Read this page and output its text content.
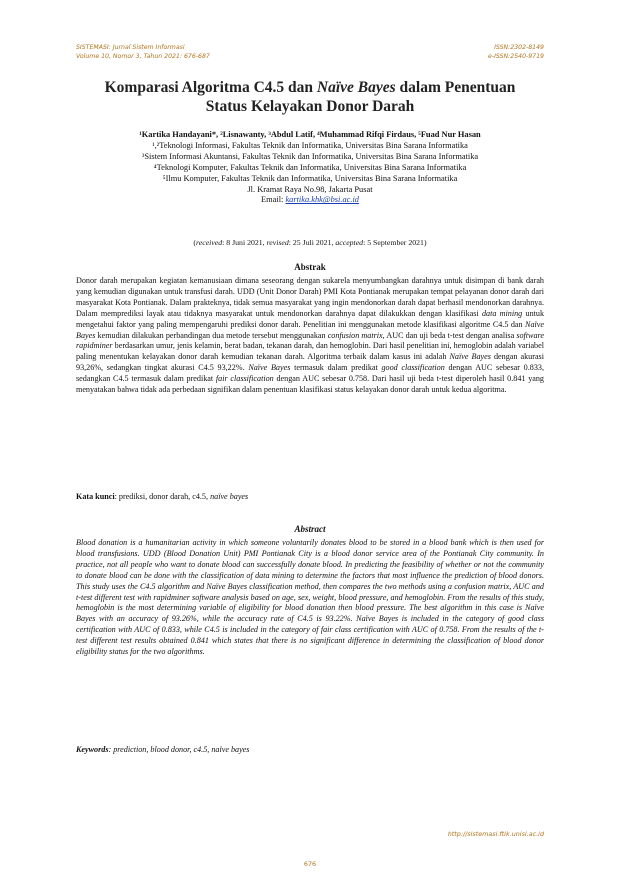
SISTEMASI: Jurnal Sistem Informasi
Volume 10, Nomor 3, Tahun 2021: 676-687
ISSN:2302-8149
e-ISSN:2540-9719
Komparasi Algoritma C4.5 dan Naïve Bayes dalam Penentuan
Status Kelayakan Donor Darah
¹Kartika Handayani*, ²Lisnawanty, ³Abdul Latif, ⁴Muhammad Rifqi Firdaus, ⁵Fuad Nur Hasan
¹,²Teknologi Informasi, Fakultas Teknik dan Informatika, Universitas Bina Sarana Informatika
³Sistem Informasi Akuntansi, Fakultas Teknik dan Informatika, Universitas Bina Sarana Informatika
⁴Teknologi Komputer, Fakultas Teknik dan Informatika, Universitas Bina Sarana Informatika
⁵Ilmu Komputer, Fakultas Teknik dan Informatika, Universitas Bina Sarana Informatika
Jl. Kramat Raya No.98, Jakarta Pusat
Email: kartika.khk@bsi.ac.id
(received: 8 Juni 2021, revised: 25 Juli 2021, accepted: 5 September 2021)
Abstrak
Donor darah merupakan kegiatan kemanusiaan dimana seseorang dengan sukarela menyumbangkan darahnya untuk disimpan di bank darah yang kemudian digunakan untuk transfusi darah. UDD (Unit Donor Darah) PMI Kota Pontianak merupakan tempat pelayanan donor darah dari masyarakat Kota Pontianak. Dalam prakteknya, tidak semua masyarakat yang ingin mendonorkan darah dapat berhasil mendonorkan darahnya. Dalam memprediksi layak atau tidaknya masyarakat untuk mendonorkan darahnya dapat dilakukkan dengan klasifikasi data mining untuk mengetahui faktor yang paling mempengaruhi prediksi donor darah. Penelitian ini menggunakan metode klasifikasi algoritme C4.5 dan Naïve Bayes kemudian dilakukan perbandingan dua metode tersebut menggunakan confusion matrix, AUC dan uji beda t-test dengan analisa software rapidminer berdasarkan umur, jenis kelamin, berat badan, tekanan darah, dan hemoglobin. Dari hasil penelitian ini, hemoglobin adalah variabel paling menentukan kelayakan donor darah kemudian tekanan darah. Algoritma terbaik dalam kasus ini adalah Naïve Bayes dengan akurasi 93,26%, sedangkan tingkat akurasi C4.5 93,22%. Naïve Bayes termasuk dalam predikat good classification dengan AUC sebesar 0.833, sedangkan C4.5 termasuk dalam predikat fair classification dengan AUC sebesar 0.758. Dari hasil uji beda t-test diperoleh hasil 0.841 yang menyatakan bahwa tidak ada perbedaan signifikan dalam penentuan klasifikasi status kelayakan donor darah untuk kedua algoritma.
Kata kunci: prediksi, donor darah, c4.5, naïve bayes
Abstract
Blood donation is a humanitarian activity in which someone voluntarily donates blood to be stored in a blood bank which is then used for blood transfusions. UDD (Blood Donation Unit) PMI Pontianak City is a blood donor service area of the Pontianak City community. In practice, not all people who want to donate blood can successfully donate blood. In predicting the feasibility of whether or not the community to donate blood can be done with the classification of data mining to determine the factors that most influence the prediction of blood donors. This study uses the C4.5 algorithm and Naïve Bayes classification method, then compares the two methods using a confusion matrix, AUC and t-test different test with rapidminer software analysis based on age, sex, weight, blood pressure, and hemoglobin. From the results of this study, hemoglobin is the most determining variable of eligibility for blood donation then blood pressure. The best algorithm in this case is Naïve Bayes with an accuracy of 93.26%, while the accuracy rate of C4.5 is 93.22%. Naïve Bayes is included in the category of good class certification with AUC of 0.833, while C4.5 is included in the category of fair class certification with AUC of 0.758. From the results of the t-test different test results obtained 0.841 which states that there is no significant difference in determining the classification of blood donor eligibility status for the two algorithms.
Keywords: prediction, blood donor, c4.5, naïve bayes
http://sistemasi.ftik.unisi.ac.id
676
